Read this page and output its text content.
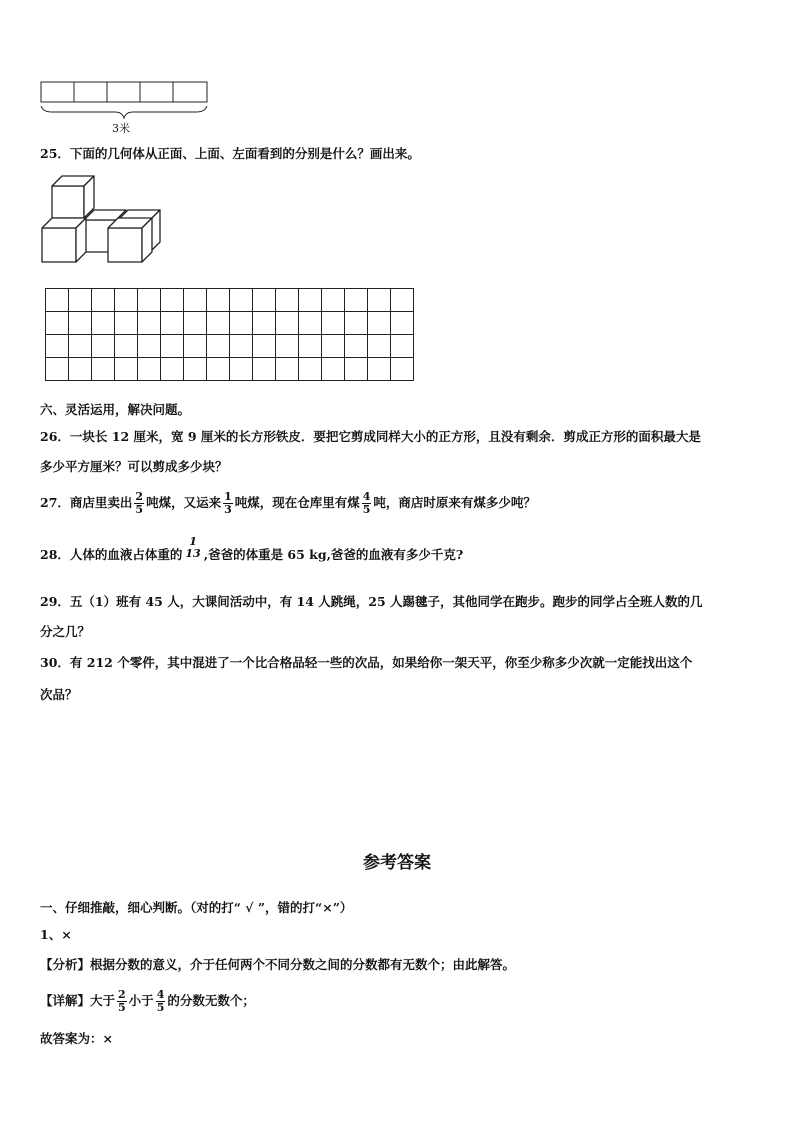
3米
25．下面的几何体从正面、上面、左面看到的分别是什么？画出来。

六、灵活运用，解决问题。
26．一块长 12 厘米，宽 9 厘米的长方形铁皮．要把它剪成同样大小的正方形，且没有剩余．剪成正方形的面积最大是
多少平方厘米？可以剪成多少块？
27．商店里卖出 $\frac{2}{5}$ 吨煤，又运来 $\frac{1}{3}$ 吨煤，现在仓库里有煤 $\frac{4}{5}$ 吨，商店时原来有煤多少吨？
28．人体的血液占体重的
1
13 ,爸爸的体重是 65 kg,爸爸的血液有多少千克?
29．五（1）班有 45 人，大课间活动中，有 14 人跳绳，25 人踢毽子，其他同学在跑步。跑步的同学占全班人数的几
分之几？
30．有 212 个零件，其中混进了一个比合格品轻一些的次品，如果给你一架天平，你至少称多少次就一定能找出这个
次品？
参考答案
一、仔细推敲，细心判断。（对的打“ √ ”，错的打“×”）
1、×
【分析】根据分数的意义，介于任何两个不同分数之间的分数都有无数个；由此解答。
【详解】大于 $\frac{2}{5}$ 小于 $\frac{4}{5}$ 的分数无数个；
故答案为：×
